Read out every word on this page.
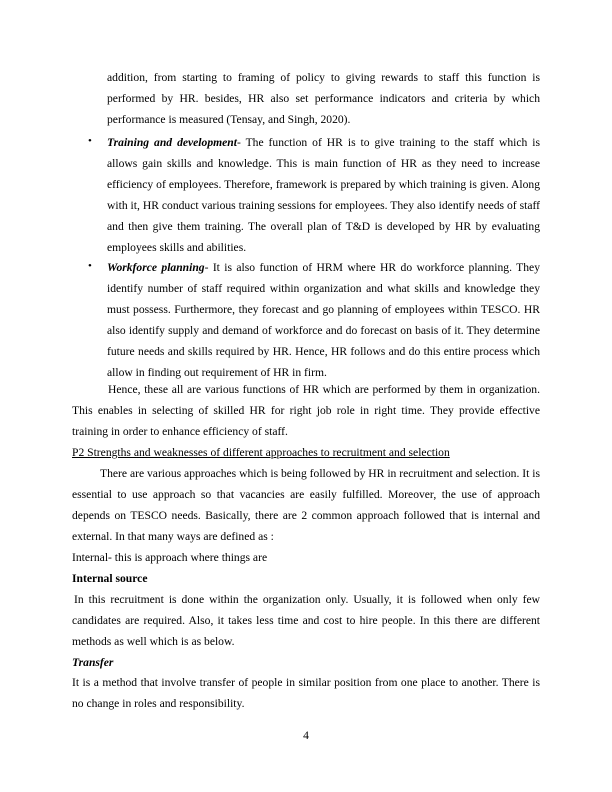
addition, from starting to framing of policy to giving rewards to staff this function is performed by HR. besides, HR also set performance indicators and criteria by which performance is measured (Tensay, and Singh, 2020).

• Training and development- The function of HR is to give training to the staff which is allows gain skills and knowledge. This is main function of HR as they need to increase efficiency of employees. Therefore, framework is prepared by which training is given. Along with it, HR conduct various training sessions for employees. They also identify needs of staff and then give them training. The overall plan of T&D is developed by HR by evaluating employees skills and abilities.

• Workforce planning- It is also function of HRM where HR do workforce planning. They identify number of staff required within organization and what skills and knowledge they must possess. Furthermore, they forecast and go planning of employees within TESCO. HR also identify supply and demand of workforce and do forecast on basis of it. They determine future needs and skills required by HR. Hence, HR follows and do this entire process which allow in finding out requirement of HR in firm.

Hence, these all are various functions of HR which are performed by them in organization. This enables in selecting of skilled HR for right job role in right time. They provide effective training in order to enhance efficiency of staff.

P2 Strengths and weaknesses of different approaches to recruitment and selection

There are various approaches which is being followed by HR in recruitment and selection. It is essential to use approach so that vacancies are easily fulfilled. Moreover, the use of approach depends on TESCO needs. Basically, there are 2 common approach followed that is internal and external. In that many ways are defined as :

Internal- this is approach where things are

Internal source

In this recruitment is done within the organization only. Usually, it is followed when only few candidates are required. Also, it takes less time and cost to hire people. In this there are different methods as well which is as below.

Transfer

It is a method that involve transfer of people in similar position from one place to another. There is no change in roles and responsibility.

4
